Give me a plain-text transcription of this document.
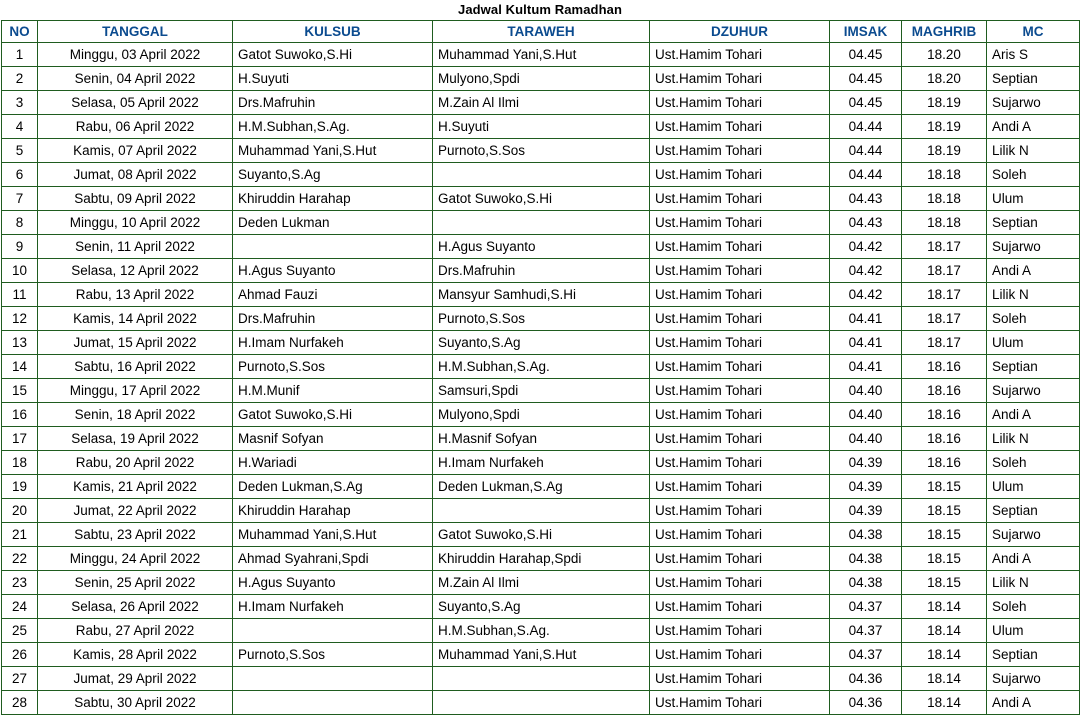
Jadwal Kultum Ramadhan
NO	TANGGAL	KULSUB	TARAWEH	DZUHUR	IMSAK	MAGHRIB	MC
1	Minggu, 03 April 2022	Gatot Suwoko,S.Hi	Muhammad Yani,S.Hut	Ust.Hamim Tohari	04.45	18.20	Aris S
2	Senin, 04 April 2022	H.Suyuti	Mulyono,Spdi	Ust.Hamim Tohari	04.45	18.20	Septian
3	Selasa, 05 April 2022	Drs.Mafruhin	M.Zain Al Ilmi	Ust.Hamim Tohari	04.45	18.19	Sujarwo
4	Rabu, 06 April 2022	H.M.Subhan,S.Ag.	H.Suyuti	Ust.Hamim Tohari	04.44	18.19	Andi A
5	Kamis, 07 April 2022	Muhammad Yani,S.Hut	Purnoto,S.Sos	Ust.Hamim Tohari	04.44	18.19	Lilik N
6	Jumat, 08 April 2022	Suyanto,S.Ag		Ust.Hamim Tohari	04.44	18.18	Soleh
7	Sabtu, 09 April 2022	Khiruddin Harahap	Gatot Suwoko,S.Hi	Ust.Hamim Tohari	04.43	18.18	Ulum
8	Minggu, 10 April 2022	Deden Lukman		Ust.Hamim Tohari	04.43	18.18	Septian
9	Senin, 11 April 2022		H.Agus Suyanto	Ust.Hamim Tohari	04.42	18.17	Sujarwo
10	Selasa, 12 April 2022	H.Agus Suyanto	Drs.Mafruhin	Ust.Hamim Tohari	04.42	18.17	Andi A
11	Rabu, 13 April 2022	Ahmad Fauzi	Mansyur Samhudi,S.Hi	Ust.Hamim Tohari	04.42	18.17	Lilik N
12	Kamis, 14 April 2022	Drs.Mafruhin	Purnoto,S.Sos	Ust.Hamim Tohari	04.41	18.17	Soleh
13	Jumat, 15 April 2022	H.Imam Nurfakeh	Suyanto,S.Ag	Ust.Hamim Tohari	04.41	18.17	Ulum
14	Sabtu, 16 April 2022	Purnoto,S.Sos	H.M.Subhan,S.Ag.	Ust.Hamim Tohari	04.41	18.16	Septian
15	Minggu, 17 April 2022	H.M.Munif	Samsuri,Spdi	Ust.Hamim Tohari	04.40	18.16	Sujarwo
16	Senin, 18 April 2022	Gatot Suwoko,S.Hi	Mulyono,Spdi	Ust.Hamim Tohari	04.40	18.16	Andi A
17	Selasa, 19 April 2022	Masnif Sofyan	H.Masnif Sofyan	Ust.Hamim Tohari	04.40	18.16	Lilik N
18	Rabu, 20 April 2022	H.Wariadi	H.Imam Nurfakeh	Ust.Hamim Tohari	04.39	18.16	Soleh
19	Kamis, 21 April 2022	Deden Lukman,S.Ag	Deden Lukman,S.Ag	Ust.Hamim Tohari	04.39	18.15	Ulum
20	Jumat, 22 April 2022	Khiruddin Harahap		Ust.Hamim Tohari	04.39	18.15	Septian
21	Sabtu, 23 April 2022	Muhammad Yani,S.Hut	Gatot Suwoko,S.Hi	Ust.Hamim Tohari	04.38	18.15	Sujarwo
22	Minggu, 24 April 2022	Ahmad Syahrani,Spdi	Khiruddin Harahap,Spdi	Ust.Hamim Tohari	04.38	18.15	Andi A
23	Senin, 25 April 2022	H.Agus Suyanto	M.Zain Al Ilmi	Ust.Hamim Tohari	04.38	18.15	Lilik N
24	Selasa, 26 April 2022	H.Imam Nurfakeh	Suyanto,S.Ag	Ust.Hamim Tohari	04.37	18.14	Soleh
25	Rabu, 27 April 2022		H.M.Subhan,S.Ag.	Ust.Hamim Tohari	04.37	18.14	Ulum
26	Kamis, 28 April 2022	Purnoto,S.Sos	Muhammad Yani,S.Hut	Ust.Hamim Tohari	04.37	18.14	Septian
27	Jumat, 29 April 2022			Ust.Hamim Tohari	04.36	18.14	Sujarwo
28	Sabtu, 30 April 2022			Ust.Hamim Tohari	04.36	18.14	Andi A
